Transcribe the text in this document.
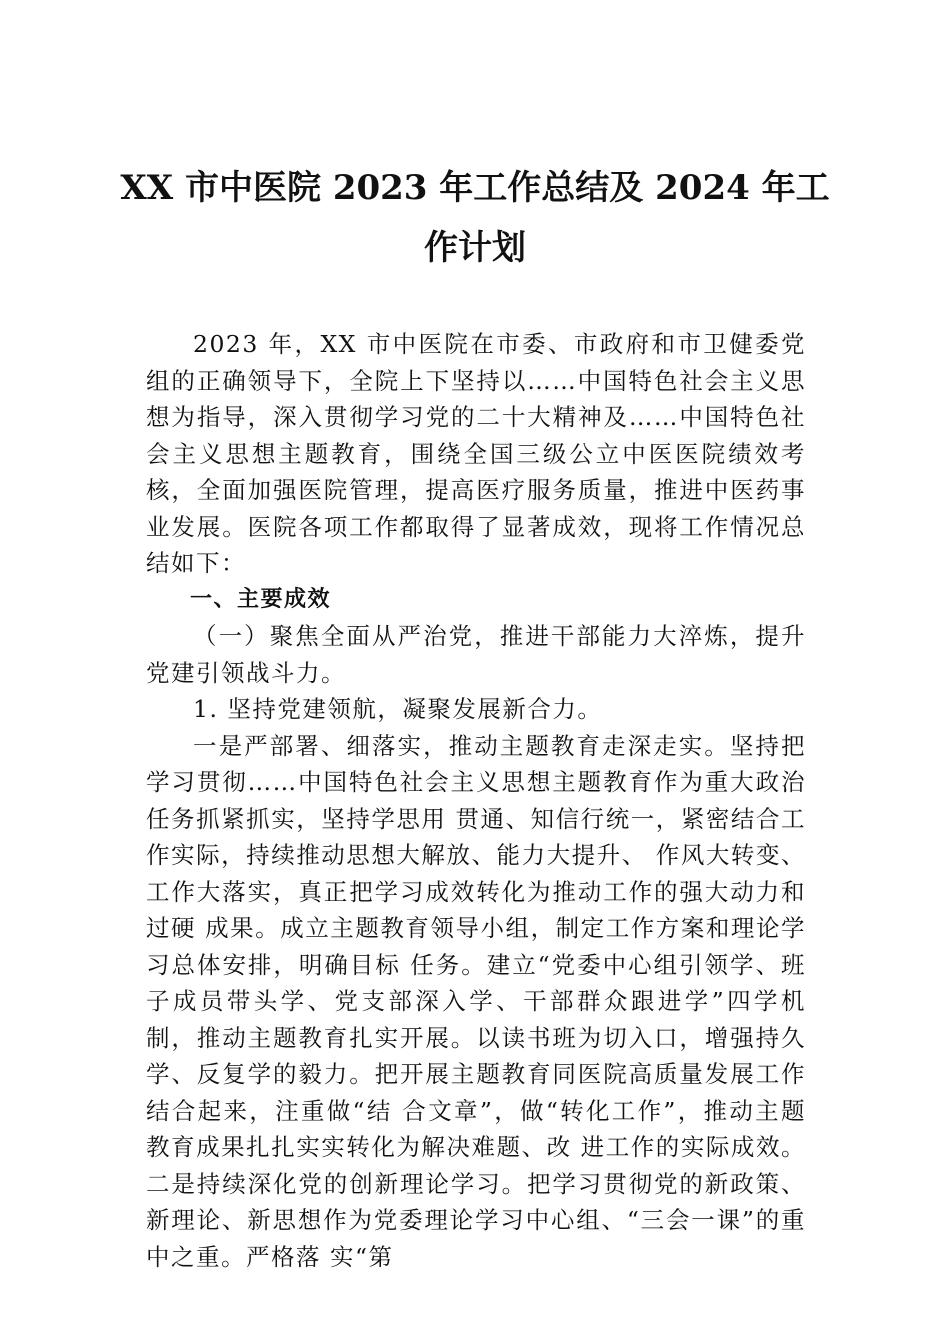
XX 市中医院 2023 年工作总结及 2024 年工
作计划

2023 年，XX 市中医院在市委、市政府和市卫健委党组的正确领导下，全院上下坚持以……中国特色社会主义思想为指导，深入贯彻学习党的二十大精神及……中国特色社会主义思想主题教育，围绕全国三级公立中医医院绩效考核，全面加强医院管理，提高医疗服务质量，推进中医药事业发展。医院各项工作都取得了显著成效，现将工作情况总结如下：

一、主要成效

（一）聚焦全面从严治党，推进干部能力大淬炼，提升党建引领战斗力。

1. 坚持党建领航，凝聚发展新合力。

一是严部署、细落实，推动主题教育走深走实。坚持把学习贯彻……中国特色社会主义思想主题教育作为重大政治任务抓紧抓实，坚持学思用 贯通、知信行统一，紧密结合工作实际，持续推动思想大解放、能力大提升、 作风大转变、工作大落实，真正把学习成效转化为推动工作的强大动力和过硬 成果。成立主题教育领导小组，制定工作方案和理论学习总体安排，明确目标 任务。建立“党委中心组引领学、班子成员带头学、党支部深入学、干部群众跟进学”四学机制，推动主题教育扎实开展。以读书班为切入口，增强持久学、反复学的毅力。把开展主题教育同医院高质量发展工作结合起来，注重做“结 合文章”，做“转化工作”，推动主题教育成果扎扎实实转化为解决难题、改 进工作的实际成效。二是持续深化党的创新理论学习。把学习贯彻党的新政策、新理论、新思想作为党委理论学习中心组、“三会一课”的重中之重。严格落 实“第
